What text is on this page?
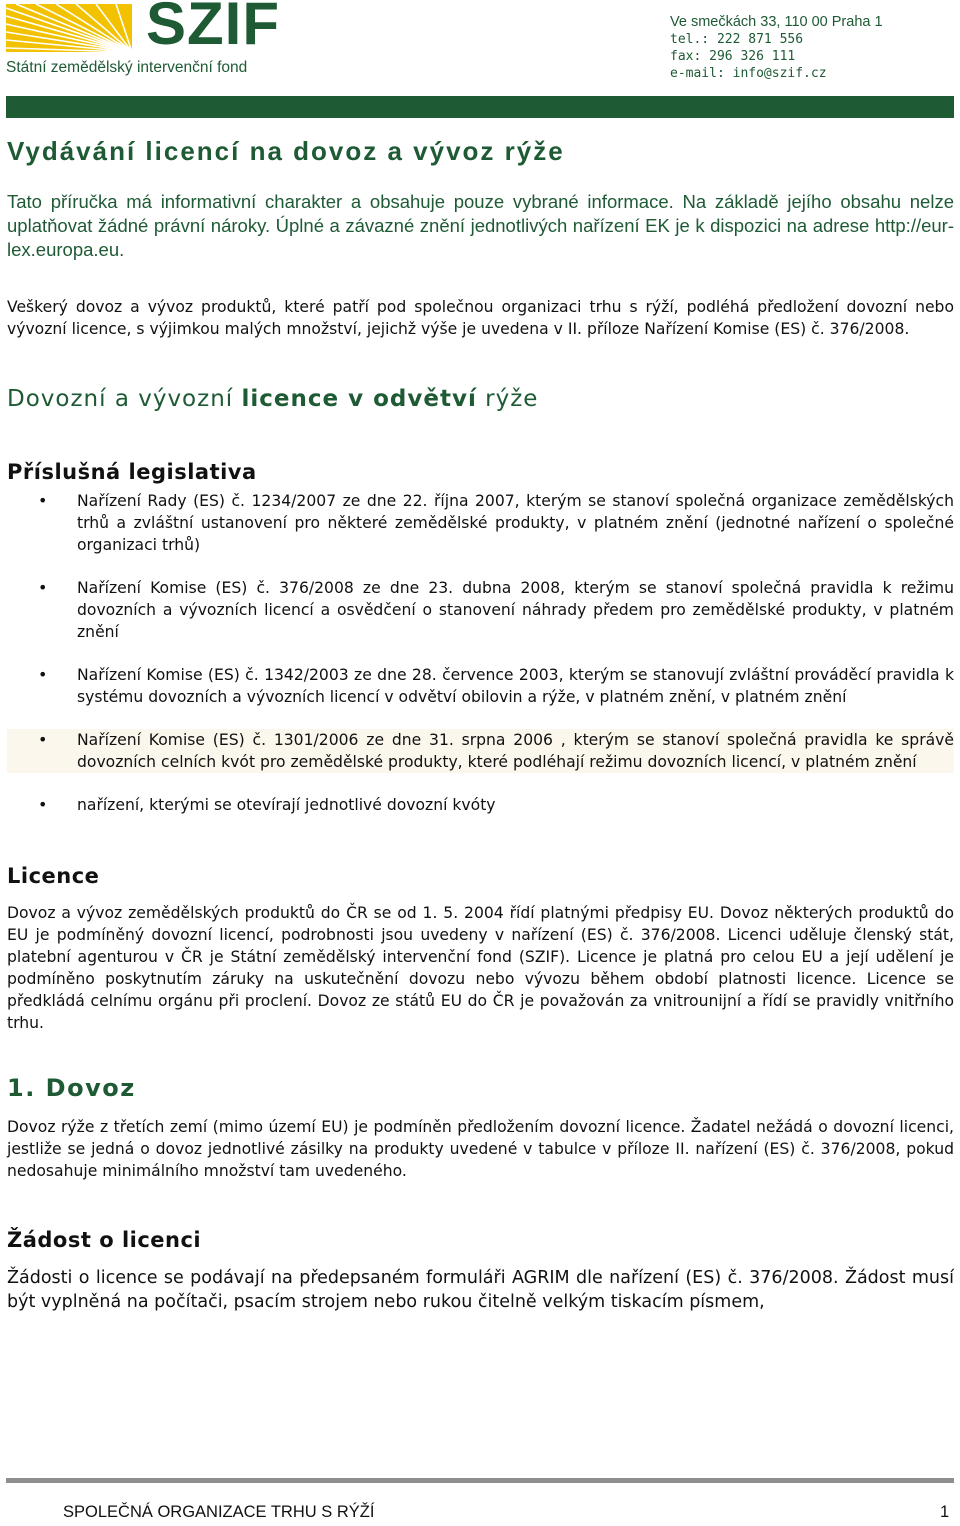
SZIF
Státní zemědělský intervenční fond
Ve smečkách 33, 110 00 Praha 1
tel.: 222 871 556
fax: 296 326 111
e-mail: info@szif.cz
Vydávání licencí na dovoz a vývoz rýže

Tato příručka má informativní charakter a obsahuje pouze vybrané informace. Na základě jejího obsahu nelze uplatňovat žádné právní nároky. Úplné a závazné znění jednotlivých nařízení EK je k dispozici na adrese http://eur-lex.europa.eu.

Veškerý dovoz a vývoz produktů, které patří pod společnou organizaci trhu s rýží, podléhá předložení dovozní nebo vývozní licence, s výjimkou malých množství, jejichž výše je uvedena v II. příloze Nařízení Komise (ES) č. 376/2008.

Dovozní a vývozní licence v odvětví rýže
Příslušná legislativa
• Nařízení Rady (ES) č. 1234/2007 ze dne 22. října 2007, kterým se stanoví společná organizace zemědělských trhů a zvláštní ustanovení pro některé zemědělské produkty, v platném znění (jednotné nařízení o společné organizaci trhů)
• Nařízení Komise (ES) č. 376/2008 ze dne 23. dubna 2008, kterým se stanoví společná pravidla k režimu dovozních a vývozních licencí a osvědčení o stanovení náhrady předem pro zemědělské produkty, v platném znění
• Nařízení Komise (ES) č. 1342/2003 ze dne 28. července 2003, kterým se stanovují zvláštní prováděcí pravidla k systému dovozních a vývozních licencí v odvětví obilovin a rýže, v platném znění, v platném znění
• Nařízení Komise (ES) č. 1301/2006 ze dne 31. srpna 2006 , kterým se stanoví společná pravidla ke správě dovozních celních kvót pro zemědělské produkty, které podléhají režimu dovozních licencí, v platném znění
• nařízení, kterými se otevírají jednotlivé dovozní kvóty
Licence

Dovoz a vývoz zemědělských produktů do ČR se od 1. 5. 2004 řídí platnými předpisy EU. Dovoz některých produktů do EU je podmíněný dovozní licencí, podrobnosti jsou uvedeny v nařízení (ES) č. 376/2008. Licenci uděluje členský stát, platební agenturou v ČR je Státní zemědělský intervenční fond (SZIF). Licence je platná pro celou EU a její udělení je podmíněno poskytnutím záruky na uskutečnění dovozu nebo vývozu během období platnosti licence. Licence se předkládá celnímu orgánu při proclení. Dovoz ze států EU do ČR je považován za vnitrounijní a řídí se pravidly vnitřního trhu.

1. Dovoz

Dovoz rýže z třetích zemí (mimo území EU) je podmíněn předložením dovozní licence. Žadatel nežádá o dovozní licenci, jestliže se jedná o dovoz jednotlivé zásilky na produkty uvedené v tabulce v příloze II. nařízení (ES) č. 376/2008, pokud nedosahuje minimálního množství tam uvedeného.

Žádost o licenci

Žádosti o licence se podávají na předepsaném formuláři AGRIM dle nařízení (ES) č. 376/2008. Žádost musí být vyplněná na počítači, psacím strojem nebo rukou čitelně velkým tiskacím písmem,

SPOLEČNÁ ORGANIZACE TRHU S RÝŽÍ	1
